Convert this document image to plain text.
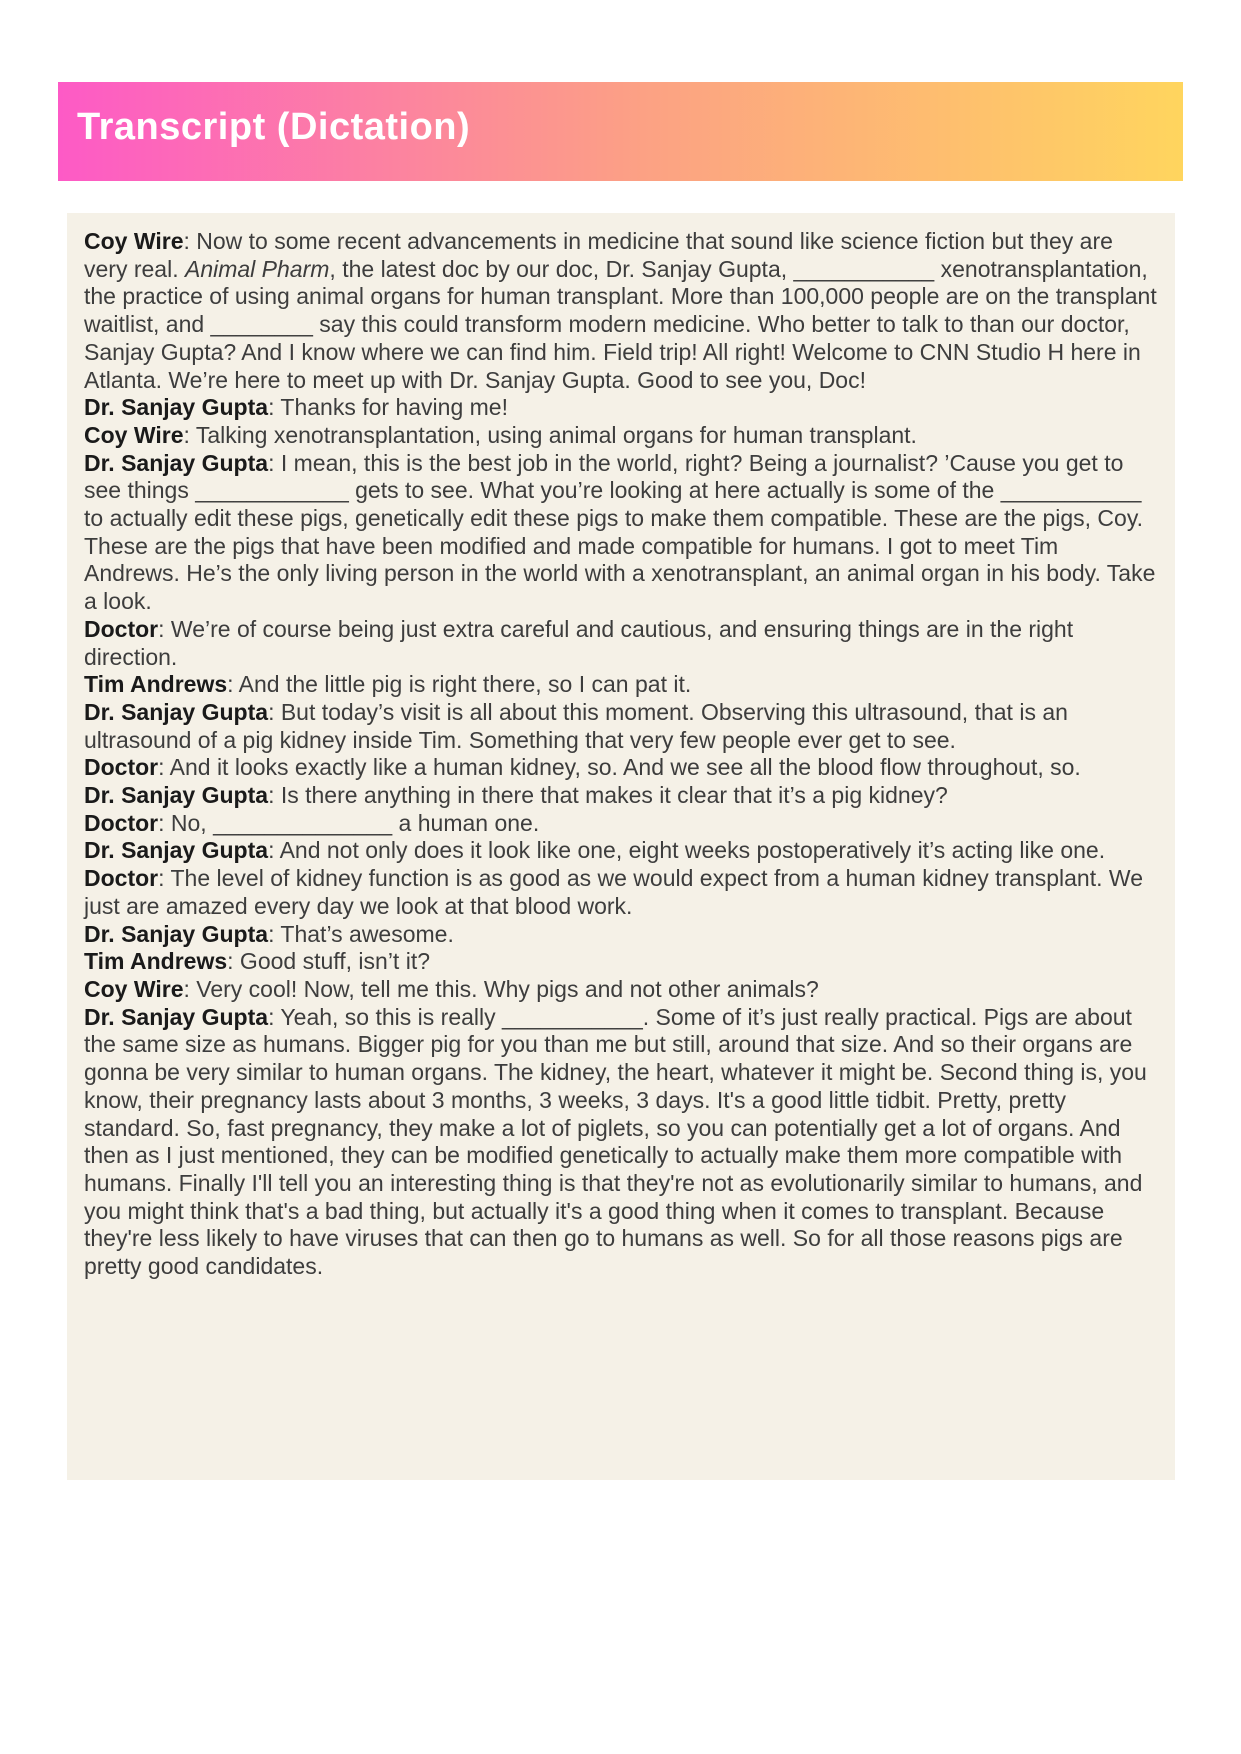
Transcript (Dictation)

Coy Wire: Now to some recent advancements in medicine that sound like science fiction but they are very real. Animal Pharm, the latest doc by our doc, Dr. Sanjay Gupta, ___________ xenotransplantation, the practice of using animal organs for human transplant. More than 100,000 people are on the transplant waitlist, and ________ say this could transform modern medicine. Who better to talk to than our doctor, Sanjay Gupta? And I know where we can find him. Field trip! All right! Welcome to CNN Studio H here in Atlanta. We’re here to meet up with Dr. Sanjay Gupta. Good to see you, Doc!

Dr. Sanjay Gupta: Thanks for having me!

Coy Wire: Talking xenotransplantation, using animal organs for human transplant.

Dr. Sanjay Gupta: I mean, this is the best job in the world, right? Being a journalist? ’Cause you get to see things ____________ gets to see. What you’re looking at here actually is some of the ___________ to actually edit these pigs, genetically edit these pigs to make them compatible. These are the pigs, Coy. These are the pigs that have been modified and made compatible for humans. I got to meet Tim Andrews. He’s the only living person in the world with a xenotransplant, an animal organ in his body. Take a look.

Doctor: We’re of course being just extra careful and cautious, and ensuring things are in the right direction.

Tim Andrews: And the little pig is right there, so I can pat it.

Dr. Sanjay Gupta: But today’s visit is all about this moment. Observing this ultrasound, that is an ultrasound of a pig kidney inside Tim. Something that very few people ever get to see.

Doctor: And it looks exactly like a human kidney, so. And we see all the blood flow throughout, so.

Dr. Sanjay Gupta: Is there anything in there that makes it clear that it’s a pig kidney?

Doctor: No, ______________ a human one.

Dr. Sanjay Gupta: And not only does it look like one, eight weeks postoperatively it’s acting like one.

Doctor: The level of kidney function is as good as we would expect from a human kidney transplant. We just are amazed every day we look at that blood work.

Dr. Sanjay Gupta: That’s awesome.

Tim Andrews: Good stuff, isn’t it?

Coy Wire: Very cool! Now, tell me this. Why pigs and not other animals?

Dr. Sanjay Gupta: Yeah, so this is really ___________. Some of it’s just really practical. Pigs are about the same size as humans. Bigger pig for you than me but still, around that size. And so their organs are gonna be very similar to human organs. The kidney, the heart, whatever it might be. Second thing is, you know, their pregnancy lasts about 3 months, 3 weeks, 3 days. It's a good little tidbit. Pretty, pretty standard. So, fast pregnancy, they make a lot of piglets, so you can potentially get a lot of organs. And then as I just mentioned, they can be modified genetically to actually make them more compatible with humans. Finally I'll tell you an interesting thing is that they're not as evolutionarily similar to humans, and you might think that's a bad thing, but actually it's a good thing when it comes to transplant. Because they're less likely to have viruses that can then go to humans as well. So for all those reasons pigs are pretty good candidates.
